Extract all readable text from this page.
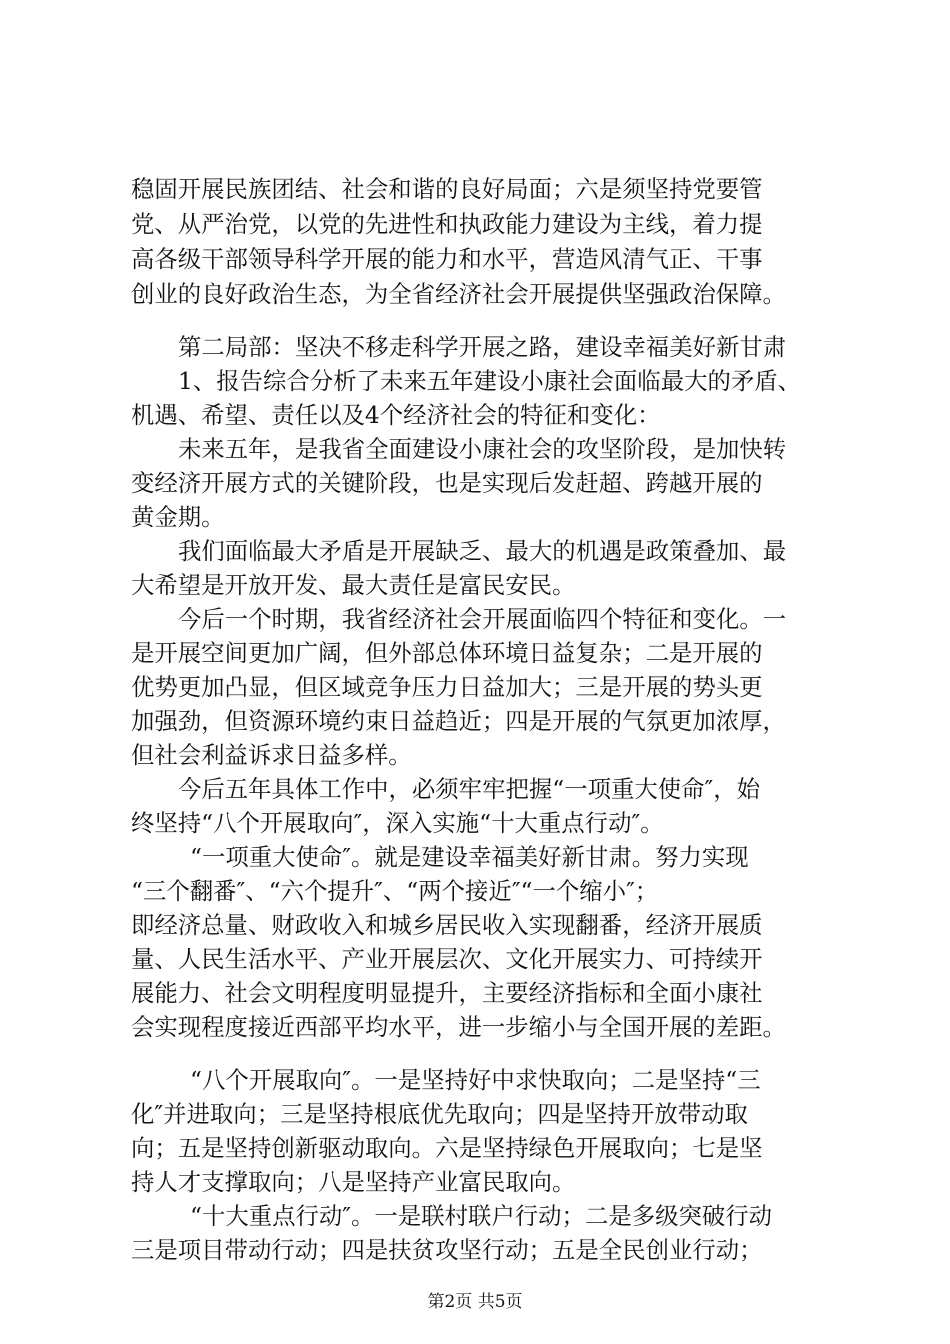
稳固开展民族团结、社会和谐的良好局面；六是须坚持党要管
党、从严治党，以党的先进性和执政能力建设为主线，着力提
高各级干部领导科学开展的能力和水平，营造风清气正、干事
创业的良好政治生态，为全省经济社会开展提供坚强政治保障。
第二局部：坚决不移走科学开展之路，建设幸福美好新甘肃
1、报告综合分析了未来五年建设小康社会面临最大的矛盾、
机遇、希望、责任以及4个经济社会的特征和变化：
未来五年，是我省全面建设小康社会的攻坚阶段，是加快转
变经济开展方式的关键阶段，也是实现后发赶超、跨越开展的
黄金期。
我们面临最大矛盾是开展缺乏、最大的机遇是政策叠加、最
大希望是开放开发、最大责任是富民安民。
今后一个时期，我省经济社会开展面临四个特征和变化。一
是开展空间更加广阔，但外部总体环境日益复杂；二是开展的
优势更加凸显，但区域竞争压力日益加大；三是开展的势头更
加强劲，但资源环境约束日益趋近；四是开展的气氛更加浓厚，
但社会利益诉求日益多样。
今后五年具体工作中，必须牢牢把握“一项重大使命″，始
终坚持“八个开展取向″，深入实施“十大重点行动″。
“一项重大使命″。就是建设幸福美好新甘肃。努力实现
“三个翻番″、“六个提升″、“两个接近″“一个缩小″；
即经济总量、财政收入和城乡居民收入实现翻番，经济开展质
量、人民生活水平、产业开展层次、文化开展实力、可持续开
展能力、社会文明程度明显提升，主要经济指标和全面小康社
会实现程度接近西部平均水平，进一步缩小与全国开展的差距。
“八个开展取向″。一是坚持好中求快取向；二是坚持“三
化″并进取向；三是坚持根底优先取向；四是坚持开放带动取
向；五是坚持创新驱动取向。六是坚持绿色开展取向；七是坚
持人才支撑取向；八是坚持产业富民取向。
“十大重点行动″。一是联村联户行动；二是多级突破行动
三是项目带动行动；四是扶贫攻坚行动；五是全民创业行动；
第2页 共5页
